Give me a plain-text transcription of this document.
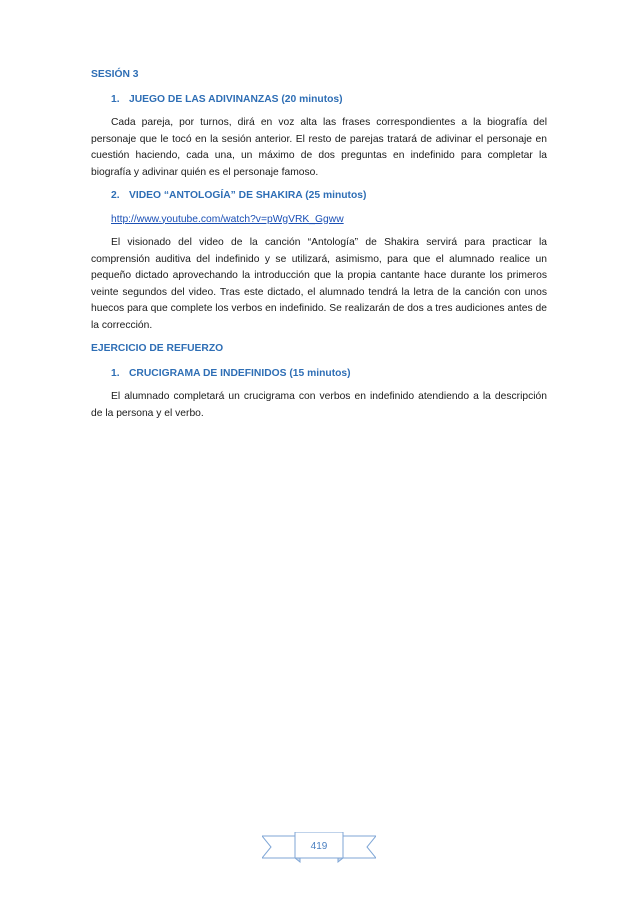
SESIÓN 3
1. JUEGO DE LAS ADIVINANZAS (20 minutos)

Cada pareja, por turnos, dirá en voz alta las frases correspondientes a la biografía del personaje que le tocó en la sesión anterior. El resto de parejas tratará de adivinar el personaje en cuestión haciendo, cada una, un máximo de dos preguntas en indefinido para completar la biografía y adivinar quién es el personaje famoso.

2. VIDEO “ANTOLOGÍA” DE SHAKIRA (25 minutos)
http://www.youtube.com/watch?v=pWgVRK_Ggww

El visionado del video de la canción “Antología” de Shakira servirá para practicar la comprensión auditiva del indefinido y se utilizará, asimismo, para que el alumnado realice un pequeño dictado aprovechando la introducción que la propia cantante hace durante los primeros veinte segundos del video. Tras este dictado, el alumnado tendrá la letra de la canción con unos huecos para que complete los verbos en indefinido. Se realizarán de dos a tres audiciones antes de la corrección.

EJERCICIO DE REFUERZO
1. CRUCIGRAMA DE INDEFINIDOS (15 minutos)

El alumnado completará un crucigrama con verbos en indefinido atendiendo a la descripción de la persona y el verbo.

419
